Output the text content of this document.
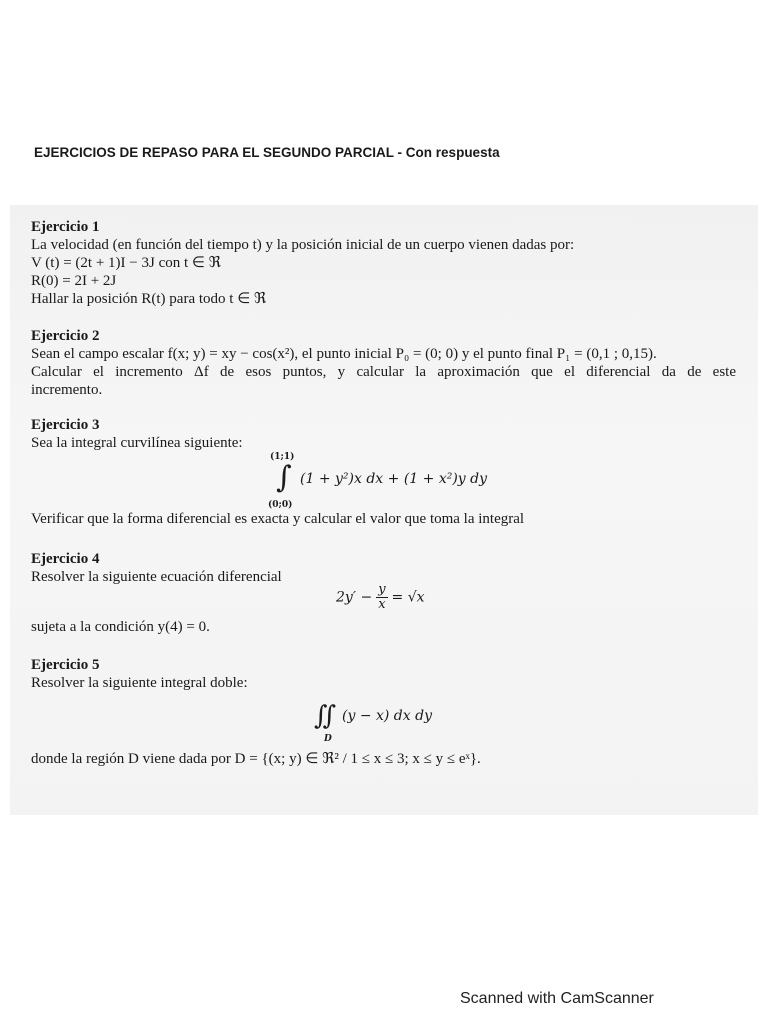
EJERCICIOS DE REPASO PARA EL SEGUNDO PARCIAL - Con respuesta
Ejercicio 1
La velocidad (en función del tiempo t) y la posición inicial de un cuerpo vienen dadas por:
V (t) = (2t + 1)I − 3J con t ∈ ℜ
R(0) = 2I + 2J
Hallar la posición R(t) para todo t ∈ ℜ
Ejercicio 2
Sean el campo escalar f(x; y) = xy − cos(x²), el punto inicial P₀ = (0; 0) y el punto final P₁ = (0,1 ; 0,15).
Calcular el incremento Δf de esos puntos, y calcular la aproximación que el diferencial da de este
incremento.
Ejercicio 3
Sea la integral curvilínea siguiente:
(1;1)
∫
(0;0)
(1 + y²)x dx + (1 + x²)y dy
Verificar que la forma diferencial es exacta y calcular el valor que toma la integral
Ejercicio 4
Resolver la siguiente ecuación diferencial
$2y' - \frac{y}{x} = √x$
sujeta a la condición y(4) = 0.
Ejercicio 5
Resolver la siguiente integral doble:
∬
D
(y − x) dx dy
donde la región D viene dada por D = {(x; y) ∈ ℜ² / 1 ≤ x ≤ 3; x ≤ y ≤ eˣ}.
Scanned with CamScanner
